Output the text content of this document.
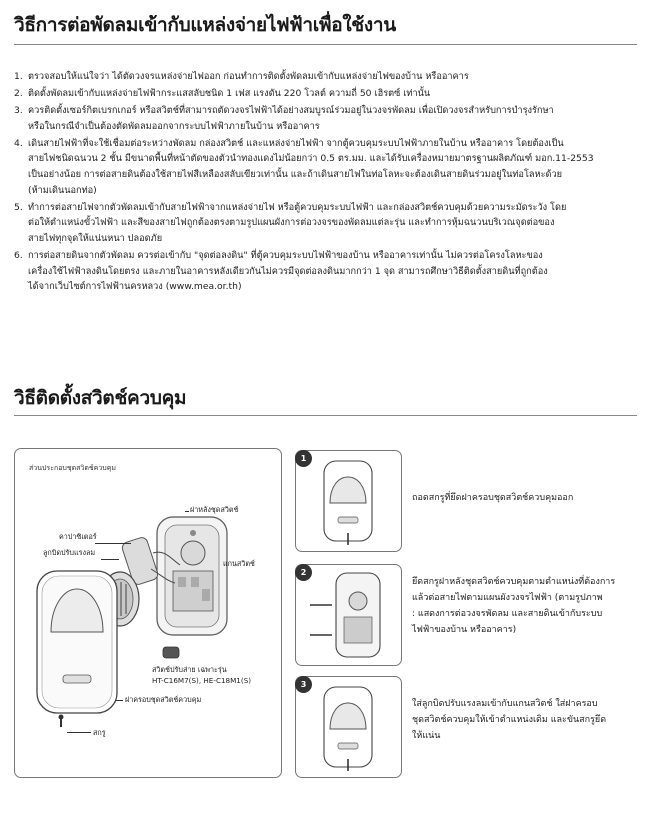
วิธีการต่อพัดลมเข้ากับแหล่งจ่ายไฟฟ้าเพื่อใช้งาน
1. ตรวจสอบให้แน่ใจว่า ได้ตัดวงจรแหล่งจ่ายไฟออก ก่อนทำการติดตั้งพัดลมเข้ากับแหล่งจ่ายไฟของบ้าน หรืออาคาร
2. ติดตั้งพัดลมเข้ากับแหล่งจ่ายไฟฟ้ากระแสสลับชนิด 1 เฟส แรงดัน 220 โวลต์ ความถี่ 50 เฮิรตซ์ เท่านั้น
3. ควรติดตั้งเซอร์กิตเบรกเกอร์ หรือสวิตช์ที่สามารถตัดวงจรไฟฟ้าได้อย่างสมบูรณ์ร่วมอยู่ในวงจรพัดลม เพื่อเปิดวงจรสำหรับการบำรุงรักษา
หรือในกรณีจำเป็นต้องตัดพัดลมออกจากระบบไฟฟ้าภายในบ้าน หรืออาคาร
4. เดินสายไฟฟ้าที่จะใช้เชื่อมต่อระหว่างพัดลม กล่องสวิตช์ และแหล่งจ่ายไฟฟ้า จากตู้ควบคุมระบบไฟฟ้าภายในบ้าน หรืออาคาร โดยต้องเป็น
สายไฟชนิดฉนวน 2 ชั้น มีขนาดพื้นที่หน้าตัดของตัวนำทองแดงไม่น้อยกว่า 0.5 ตร.มม. และได้รับเครื่องหมายมาตรฐานผลิตภัณฑ์ มอก.11-2553
เป็นอย่างน้อย การต่อสายดินต้องใช้สายไฟสีเหลืองสลับเขียวเท่านั้น และถ้าเดินสายไฟในท่อโลหะจะต้องเดินสายดินร่วมอยู่ในท่อโลหะด้วย
(ห้ามเดินนอกท่อ)
5. ทำการต่อสายไฟจากตัวพัดลมเข้ากับสายไฟฟ้าจากแหล่งจ่ายไฟ หรือตู้ควบคุมระบบไฟฟ้า และกล่องสวิตช์ควบคุมด้วยความระมัดระวัง โดย
ต่อให้ตำแหน่งขั้วไฟฟ้า และสีของสายไฟถูกต้องตรงตามรูปแผนผังการต่อวงจรของพัดลมแต่ละรุ่น และทำการหุ้มฉนวนบริเวณจุดต่อของ
สายไฟทุกจุดให้แน่นหนา ปลอดภัย
6. การต่อสายดินจากตัวพัดลม ควรต่อเข้ากับ "จุดต่อลงดิน" ที่ตู้ควบคุมระบบไฟฟ้าของบ้าน หรืออาคารเท่านั้น ไม่ควรต่อโครงโลหะของ
เครื่องใช้ไฟฟ้าลงดินโดยตรง และภายในอาคารหลังเดียวกันไม่ควรมีจุดต่อลงดินมากกว่า 1 จุด สามารถศึกษาวิธีติดตั้งสายดินที่ถูกต้อง
ได้จากเว็บไซต์การไฟฟ้านครหลวง (www.mea.or.th)
วิธีติดตั้งสวิตช์ควบคุม
ส่วนประกอบชุดสวิตช์ควบคุม
ฝาหลังชุดสวิตช์
คาปาซิเตอร์
ลูกบิดปรับแรงลม
แกนสวิตช์
สวิตช์ปรับส่าย เฉพาะรุ่น
HT-C16M7(S), HE-C18M1(S)
ฝาครอบชุดสวิตช์ควบคุม
สกรู
1
ถอดสกรูที่ยึดฝาครอบชุดสวิตช์ควบคุมออก
2
ยึดสกรูฝาหลังชุดสวิตช์ควบคุมตามตำแหน่งที่ต้องการ
แล้วต่อสายไฟตามแผนผังวงจรไฟฟ้า (ตามรูปภาพ
: แสดงการต่อวงจรพัดลม และสายดินเข้ากับระบบ
ไฟฟ้าของบ้าน หรืออาคาร)
3
ใส่ลูกบิดปรับแรงลมเข้ากับแกนสวิตช์ ใส่ฝาครอบ
ชุดสวิตช์ควบคุมให้เข้าตำแหน่งเดิม และขันสกรูยึด
ให้แน่น
